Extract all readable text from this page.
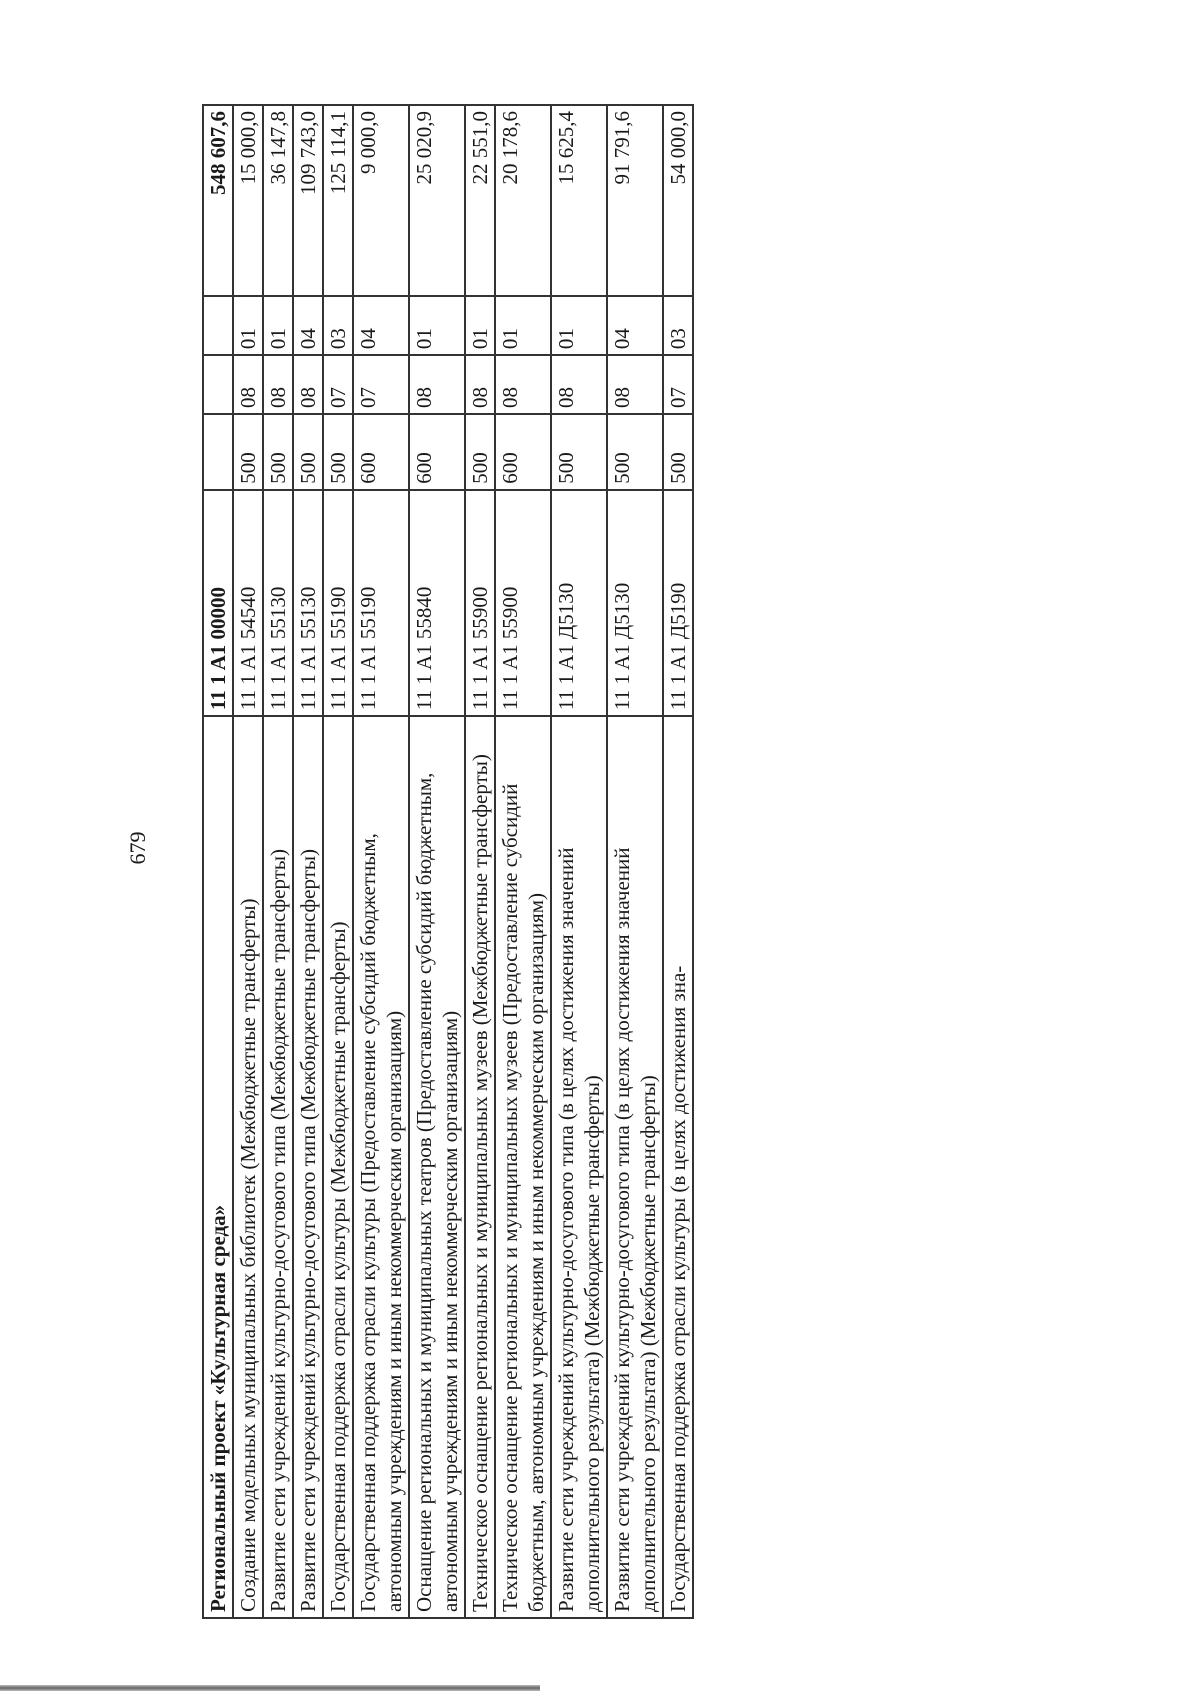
679
Региональный проект «Культурная среда»	11 1 A1 00000				548 607,6
Создание модельных муниципальных библиотек (Межбюджетные трансферты)	11 1 A1 54540	500	08	01	15 000,0
Развитие сети учреждений культурно-досугового типа (Межбюджетные трансферты)	11 1 A1 55130	500	08	01	36 147,8
Развитие сети учреждений культурно-досугового типа (Межбюджетные трансферты)	11 1 A1 55130	500	08	04	109 743,0
Государственная поддержка отрасли культуры (Межбюджетные трансферты)	11 1 A1 55190	500	07	03	125 114,1
Государственная поддержка отрасли культуры (Предоставление субсидий бюджетным, автономным учреждениям и иным некоммерческим организациям)	11 1 A1 55190	600	07	04	9 000,0
Оснащение региональных и муниципальных театров (Предоставление субсидий бюджетным, автономным учреждениям и иным некоммерческим организациям)	11 1 A1 55840	600	08	01	25 020,9
Техническое оснащение региональных и муниципальных музеев (Межбюджетные трансферты)	11 1 A1 55900	500	08	01	22 551,0
Техническое оснащение региональных и муниципальных музеев (Предоставление субсидий бюджетным, автономным учреждениям и иным некоммерческим организациям)	11 1 A1 55900	600	08	01	20 178,6
Развитие сети учреждений культурно-досугового типа (в целях достижения значений дополнительного результата) (Межбюджетные трансферты)	11 1 A1 Д5130	500	08	01	15 625,4
Развитие сети учреждений культурно-досугового типа (в целях достижения значений дополнительного результата) (Межбюджетные трансферты)	11 1 A1 Д5130	500	08	04	91 791,6
Государственная поддержка отрасли культуры (в целях достижения зна-	11 1 A1 Д5190	500	07	03	54 000,0
